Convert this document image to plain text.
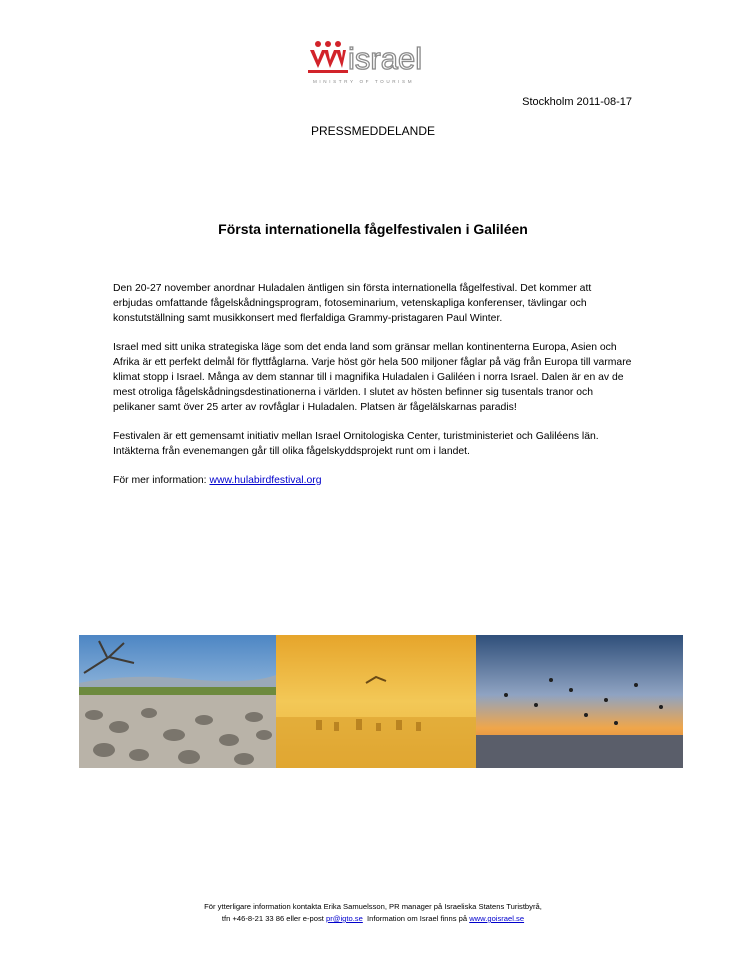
israel
MINISTRY OF TOURISM
Stockholm 2011-08-17
PRESSMEDDELANDE
Första internationella fågelfestivalen i Galiléen

Den 20-27 november anordnar Huladalen äntligen sin första internationella fågelfestival. Det kommer att erbjudas omfattande fågelskådningsprogram, fotoseminarium, vetenskapliga konferenser, tävlingar och konstutställning samt musikkonsert med flerfaldiga Grammy-pristagaren Paul Winter.

Israel med sitt unika strategiska läge som det enda land som gränsar mellan kontinenterna Europa, Asien och Afrika är ett perfekt delmål för flyttfåglarna. Varje höst gör hela 500 miljoner fåglar på väg från Europa till varmare klimat stopp i Israel. Många av dem stannar till i magnifika Huladalen i Galiléen i norra Israel. Dalen är en av de mest otroliga fågelskådningsdestinationerna i världen. I slutet av hösten befinner sig tusentals tranor och pelikaner samt över 25 arter av rovfåglar i Huladalen. Platsen är fågelälskarnas paradis!

Festivalen är ett gemensamt initiativ mellan Israel Ornitologiska Center, turistministeriet och Galiléens län. Intäkterna från evenemangen går till olika fågelskyddsprojekt runt om i landet.

För mer information: www.hulabirdfestival.org

För ytterligare information kontakta Erika Samuelsson, PR manager på Israeliska Statens Turistbyrå,
tfn +46-8-21 33 86 eller e-post pr@igto.se  Information om Israel finns på www.goisrael.se
